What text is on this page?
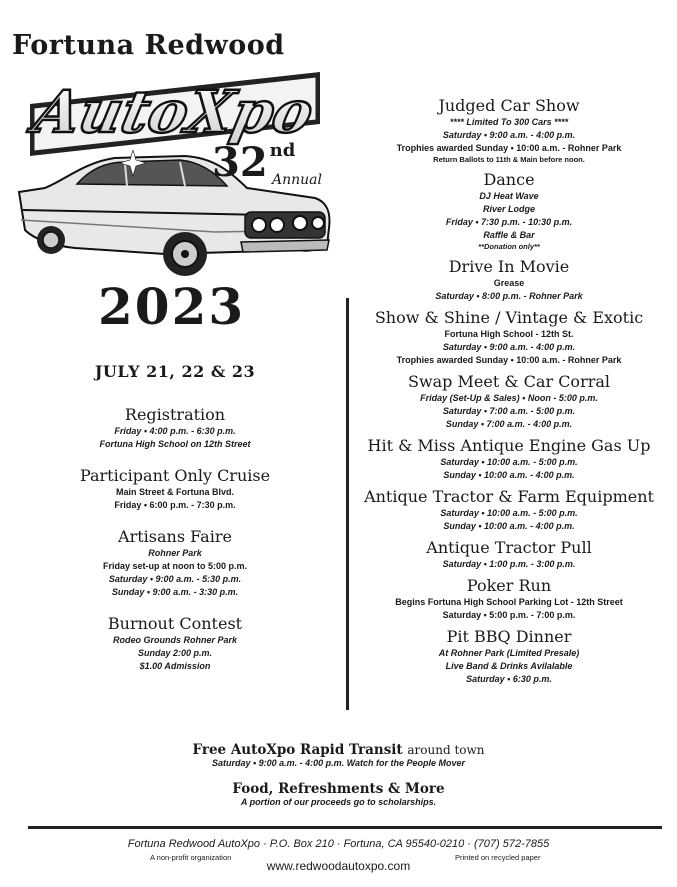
Fortuna Redwood
AutoXpo
32 $^{nd}$
Annual
2023
JULY 21, 22 & 23
Registration
Friday • 4:00 p.m. - 6:30 p.m.
Fortuna High School on 12th Street
Participant Only Cruise
Main Street & Fortuna Blvd.
Friday • 6:00 p.m. - 7:30 p.m.
Artisans Faire
Rohner Park
Friday set-up at noon to 5:00 p.m.
Saturday • 9:00 a.m. - 5:30 p.m.
Sunday • 9:00 a.m. - 3:30 p.m.
Burnout Contest
Rodeo Grounds Rohner Park
Sunday 2:00 p.m.
$1.00 Admission
Judged Car Show
**** Limited To 300 Cars ****
Saturday • 9:00 a.m. - 4:00 p.m.
Trophies awarded Sunday • 10:00 a.m. - Rohner Park
Return Ballots to 11th & Main before noon.
Dance
DJ Heat Wave
River Lodge
Friday • 7:30 p.m. - 10:30 p.m.
Raffle & Bar
**Donation only**
Drive In Movie
Grease
Saturday • 8:00 p.m. - Rohner Park
Show & Shine / Vintage & Exotic
Fortuna High School - 12th St.
Saturday • 9:00 a.m. - 4:00 p.m.
Trophies awarded Sunday • 10:00 a.m. - Rohner Park
Swap Meet & Car Corral
Friday (Set-Up & Sales) • Noon - 5:00 p.m.
Saturday • 7:00 a.m. - 5:00 p.m.
Sunday • 7:00 a.m. - 4:00 p.m.
Hit & Miss Antique Engine Gas Up
Saturday • 10:00 a.m. - 5:00 p.m.
Sunday • 10:00 a.m. - 4:00 p.m.
Antique Tractor & Farm Equipment
Saturday • 10:00 a.m. - 5:00 p.m.
Sunday • 10:00 a.m. - 4:00 p.m.
Antique Tractor Pull
Saturday • 1:00 p.m. - 3:00 p.m.
Poker Run
Begins Fortuna High School Parking Lot - 12th Street
Saturday • 5:00 p.m. - 7:00 p.m.
Pit BBQ Dinner
At Rohner Park (Limited Presale)
Live Band & Drinks Avilalable
Saturday • 6:30 p.m.
Free AutoXpo Rapid Transit around town
Saturday • 9:00 a.m. - 4:00 p.m. Watch for the People Mover
Food, Refreshments & More
A portion of our proceeds go to scholarships.
Fortuna Redwood AutoXpo · P.O. Box 210 · Fortuna, CA 95540-0210 · (707) 572-7855
A non-profit organization	Printed on recycled paper
www.redwoodautoxpo.com
